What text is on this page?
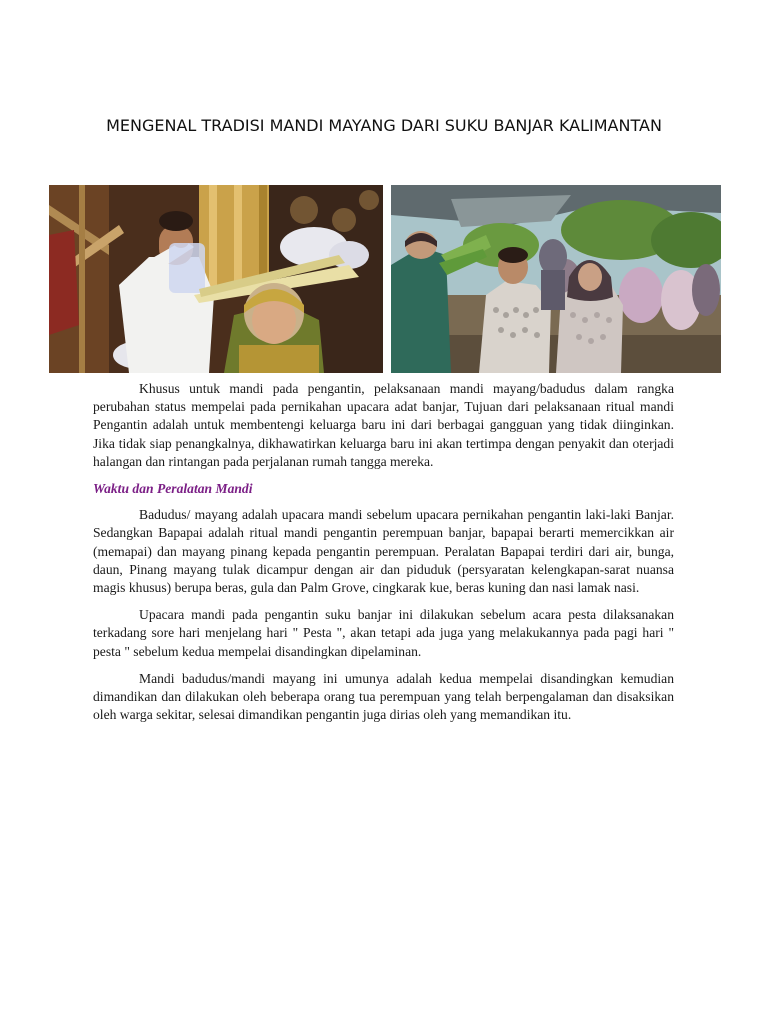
MENGENAL TRADISI MANDI MAYANG DARI SUKU BANJAR KALIMANTAN

Khusus untuk mandi pada pengantin, pelaksanaan mandi mayang/badudus dalam rangka perubahan status mempelai pada pernikahan upacara adat banjar, Tujuan dari pelaksanaan ritual mandi Pengantin adalah untuk membentengi keluarga baru ini dari berbagai gangguan yang tidak diinginkan. Jika tidak siap penangkalnya, dikhawatirkan keluarga baru ini akan tertimpa dengan penyakit dan oterjadi halangan dan rintangan pada perjalanan rumah tangga mereka.

Waktu dan Peralatan Mandi

Badudus/ mayang adalah upacara mandi sebelum upacara pernikahan pengantin laki-laki Banjar. Sedangkan Bapapai adalah ritual mandi pengantin perempuan banjar, bapapai berarti memercikkan air (memapai) dan mayang pinang kepada pengantin perempuan. Peralatan Bapapai terdiri dari air, bunga, daun, Pinang mayang tulak dicampur dengan air dan piduduk (persyaratan kelengkapan-sarat nuansa magis khusus) berupa beras, gula dan Palm Grove, cingkarak kue, beras kuning dan nasi lamak nasi.

Upacara mandi pada pengantin suku banjar ini dilakukan sebelum acara pesta dilaksanakan terkadang sore hari menjelang hari " Pesta ", akan tetapi ada juga yang melakukannya pada pagi hari " pesta " sebelum kedua mempelai disandingkan dipelaminan.

Mandi badudus/mandi mayang ini umunya adalah kedua mempelai disandingkan kemudian dimandikan dan dilakukan oleh beberapa orang tua perempuan yang telah berpengalaman dan disaksikan oleh warga sekitar, selesai dimandikan pengantin juga dirias oleh yang memandikan itu.
